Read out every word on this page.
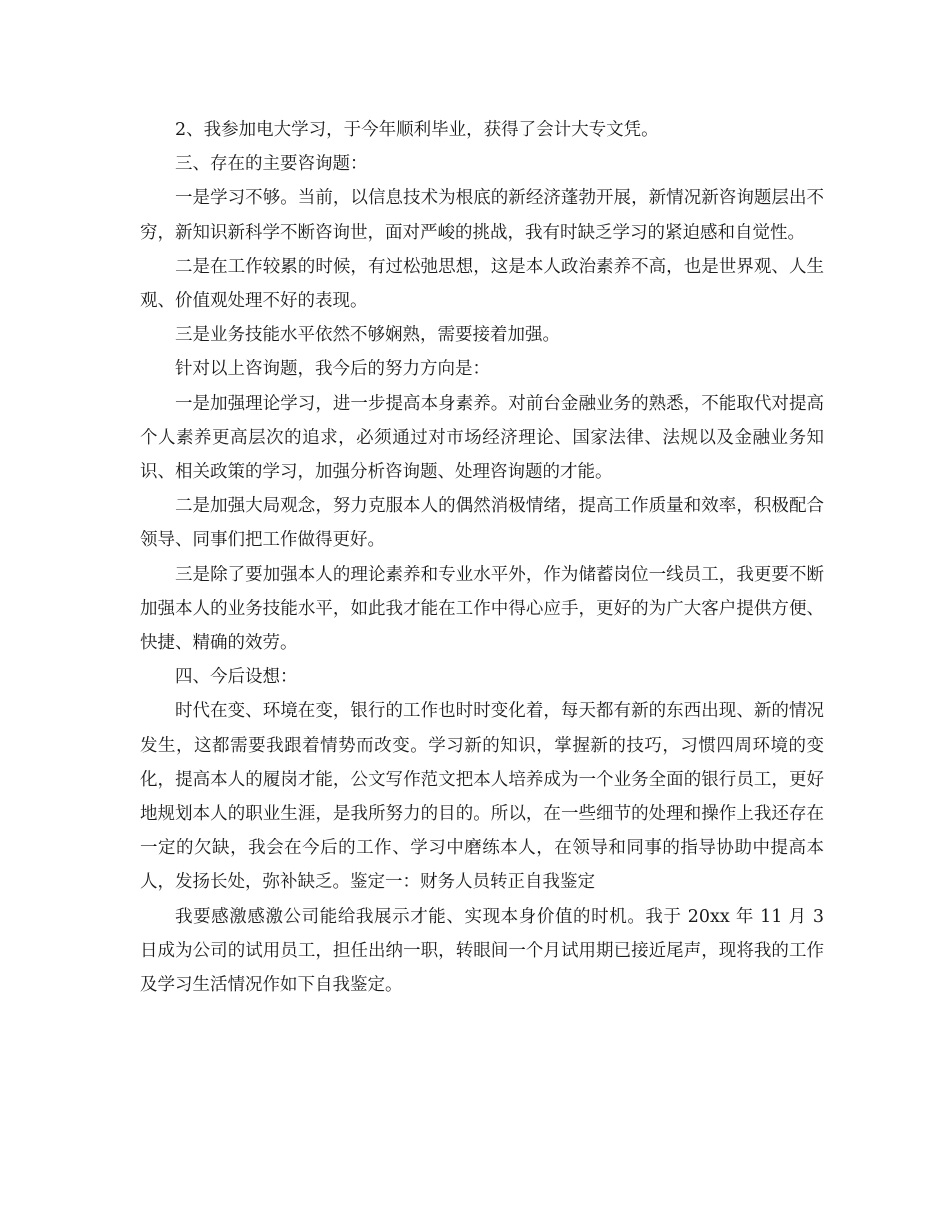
2、我参加电大学习，于今年顺利毕业，获得了会计大专文凭。

三、存在的主要咨询题：

一是学习不够。当前，以信息技术为根底的新经济蓬勃开展，新情况新咨询题层出不穷，新知识新科学不断咨询世，面对严峻的挑战，我有时缺乏学习的紧迫感和自觉性。

二是在工作较累的时候，有过松弛思想，这是本人政治素养不高，也是世界观、人生观、价值观处理不好的表现。

三是业务技能水平依然不够娴熟，需要接着加强。

针对以上咨询题，我今后的努力方向是：

一是加强理论学习，进一步提高本身素养。对前台金融业务的熟悉，不能取代对提高个人素养更高层次的追求，必须通过对市场经济理论、国家法律、法规以及金融业务知识、相关政策的学习，加强分析咨询题、处理咨询题的才能。

二是加强大局观念，努力克服本人的偶然消极情绪，提高工作质量和效率，积极配合领导、同事们把工作做得更好。

三是除了要加强本人的理论素养和专业水平外，作为储蓄岗位一线员工，我更要不断加强本人的业务技能水平，如此我才能在工作中得心应手，更好的为广大客户提供方便、快捷、精确的效劳。

四、今后设想：

时代在变、环境在变，银行的工作也时时变化着，每天都有新的东西出现、新的情况发生，这都需要我跟着情势而改变。学习新的知识，掌握新的技巧，习惯四周环境的变化，提高本人的履岗才能，公文写作范文把本人培养成为一个业务全面的银行员工，更好地规划本人的职业生涯，是我所努力的目的。所以，在一些细节的处理和操作上我还存在一定的欠缺，我会在今后的工作、学习中磨练本人，在领导和同事的指导协助中提高本人，发扬长处，弥补缺乏。鉴定一：财务人员转正自我鉴定

我要感激感激公司能给我展示才能、实现本身价值的时机。我于 20xx 年 11 月 3 日成为公司的试用员工，担任出纳一职，转眼间一个月试用期已接近尾声，现将我的工作及学习生活情况作如下自我鉴定。
